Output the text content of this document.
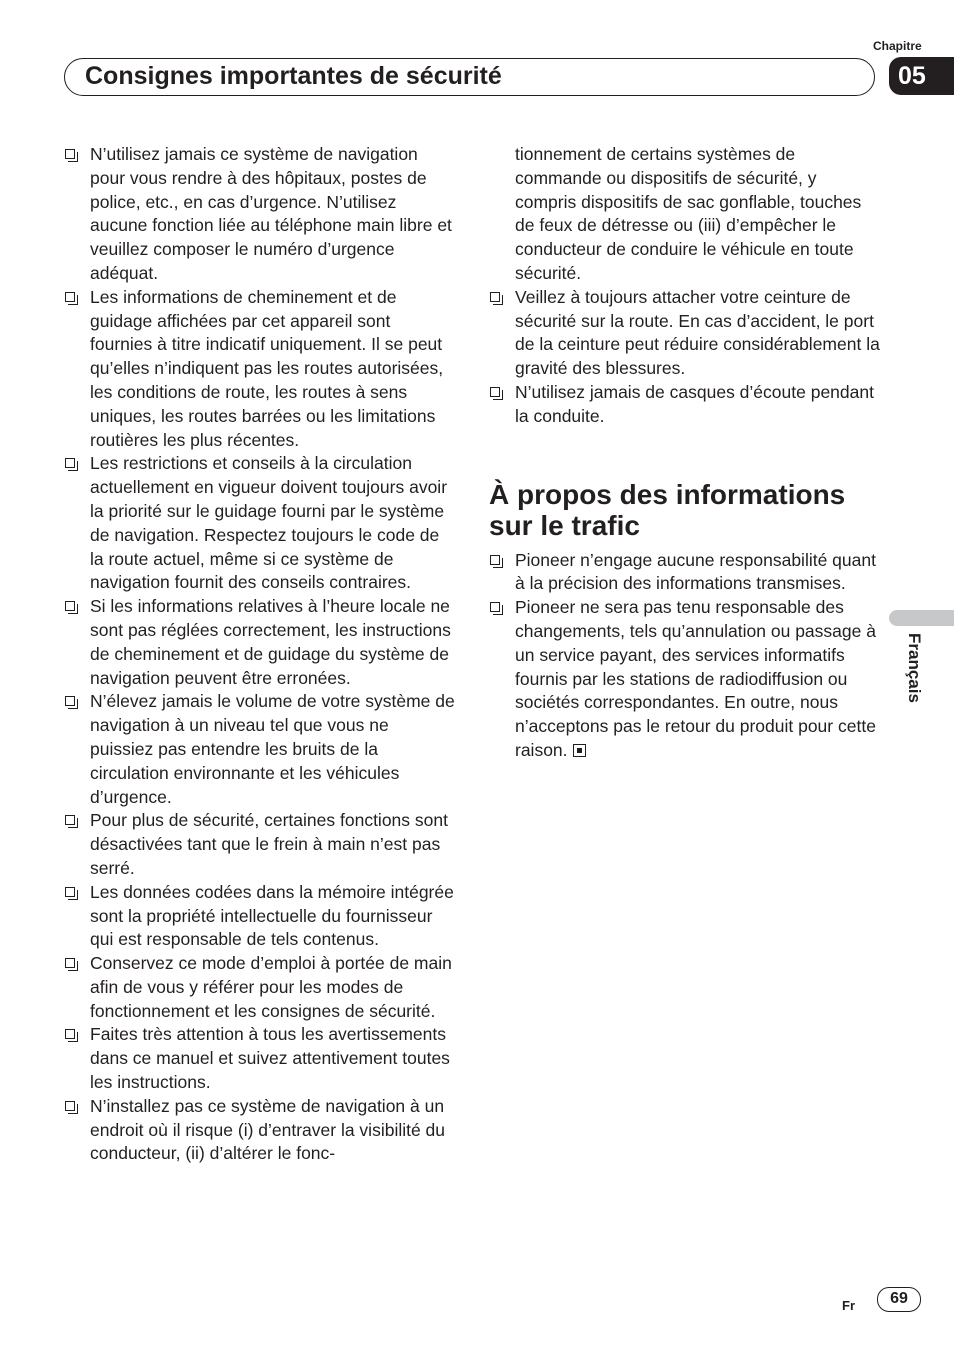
Chapitre
05
Consignes importantes de sécurité
N’utilisez jamais ce système de navigation pour vous rendre à des hôpitaux, postes de police, etc., en cas d’urgence. N’utilisez aucune fonction liée au téléphone main libre et veuillez composer le numéro d’urgence adéquat.
Les informations de cheminement et de guidage affichées par cet appareil sont fournies à titre indicatif uniquement. Il se peut qu’elles n’indiquent pas les routes autorisées, les conditions de route, les routes à sens uniques, les routes barrées ou les limitations routières les plus récentes.
Les restrictions et conseils à la circulation actuellement en vigueur doivent toujours avoir la priorité sur le guidage fourni par le système de navigation. Respectez toujours le code de la route actuel, même si ce système de navigation fournit des conseils contraires.
Si les informations relatives à l’heure locale ne sont pas réglées correctement, les instructions de cheminement et de guidage du système de navigation peuvent être erronées.
N’élevez jamais le volume de votre système de navigation à un niveau tel que vous ne puissiez pas entendre les bruits de la circulation environnante et les véhicules d’urgence.
Pour plus de sécurité, certaines fonctions sont désactivées tant que le frein à main n’est pas serré.
Les données codées dans la mémoire intégrée sont la propriété intellectuelle du fournisseur qui est responsable de tels contenus.
Conservez ce mode d’emploi à portée de main afin de vous y référer pour les modes de fonctionnement et les consignes de sécurité.
Faites très attention à tous les avertissements dans ce manuel et suivez attentivement toutes les instructions.
N’installez pas ce système de navigation à un endroit où il risque (i) d’entraver la visibilité du conducteur, (ii) d’altérer le fonc-
tionnement de certains systèmes de commande ou dispositifs de sécurité, y compris dispositifs de sac gonflable, touches de feux de détresse ou (iii) d’empêcher le conducteur de conduire le véhicule en toute sécurité.
Veillez à toujours attacher votre ceinture de sécurité sur la route. En cas d’accident, le port de la ceinture peut réduire considérablement la gravité des blessures.
N’utilisez jamais de casques d’écoute pendant la conduite.
À propos des informations sur le trafic
Pioneer n’engage aucune responsabilité quant à la précision des informations transmises.
Pioneer ne sera pas tenu responsable des changements, tels qu’annulation ou passage à un service payant, des services informatifs fournis par les stations de radiodiffusion ou sociétés correspondantes. En outre, nous n’acceptons pas le retour du produit pour cette raison.
Français
Fr	69
